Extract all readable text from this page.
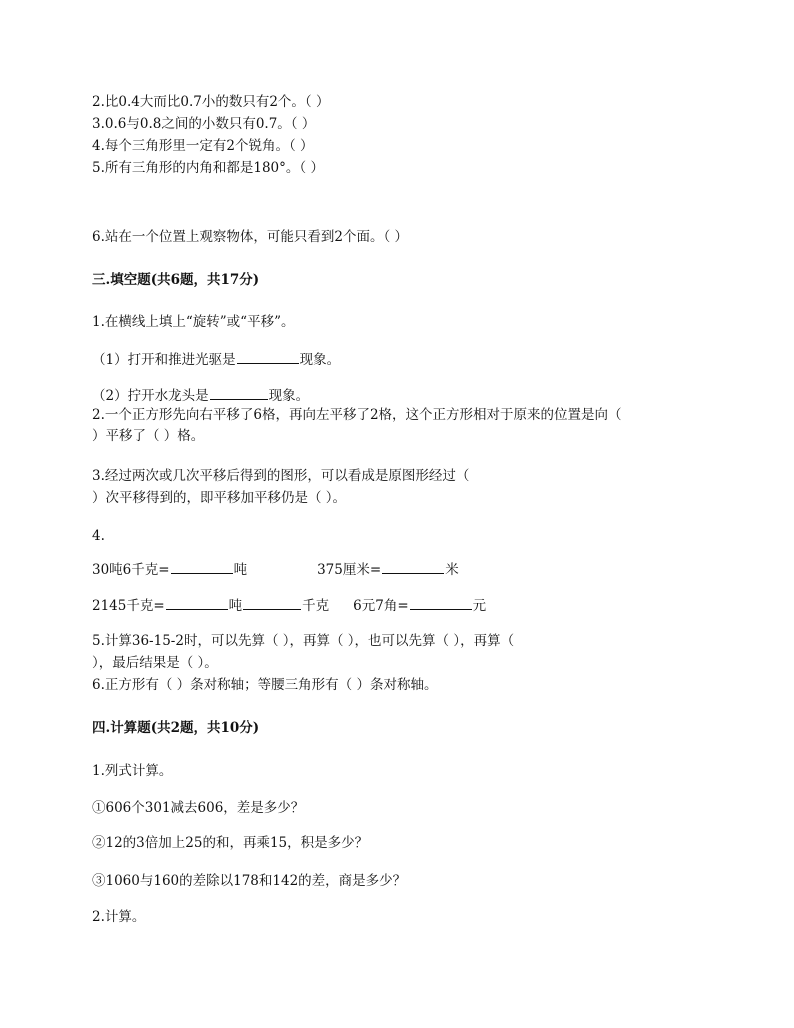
2.比0.4大而比0.7小的数只有2个。（ ）

3.0.6与0.8之间的小数只有0.7。（ ）

4.每个三角形里一定有2个锐角。（ ）

5.所有三角形的内角和都是180°。（ ）

6.站在一个位置上观察物体，可能只看到2个面。（ ）

三.填空题(共6题，共17分)

1.在横线上填上“旋转”或“平移”。

（1）打开和推进光驱是	现象。

（2）拧开水龙头是	现象。

2.一个正方形先向右平移了6格，再向左平移了2格，这个正方形相对于原来的位置是向（

）平移了（ ）格。

3.经过两次或几次平移后得到的图形，可以看成是原图形经过（

）次平移得到的，即平移加平移仍是（ ）。

4.

30吨6千克=	吨	375厘米=	米

2145千克=	吨	千克 6元7角=	元

5.计算36-15-2时，可以先算（ ），再算（ ），也可以先算（ ），再算（

），最后结果是（ ）。

6.正方形有（ ）条对称轴；等腰三角形有（ ）条对称轴。

四.计算题(共2题，共10分)

1.列式计算。

①606个301减去606，差是多少？

②12的3倍加上25的和，再乘15，积是多少？

③1060与160的差除以178和142的差，商是多少？

2.计算。
